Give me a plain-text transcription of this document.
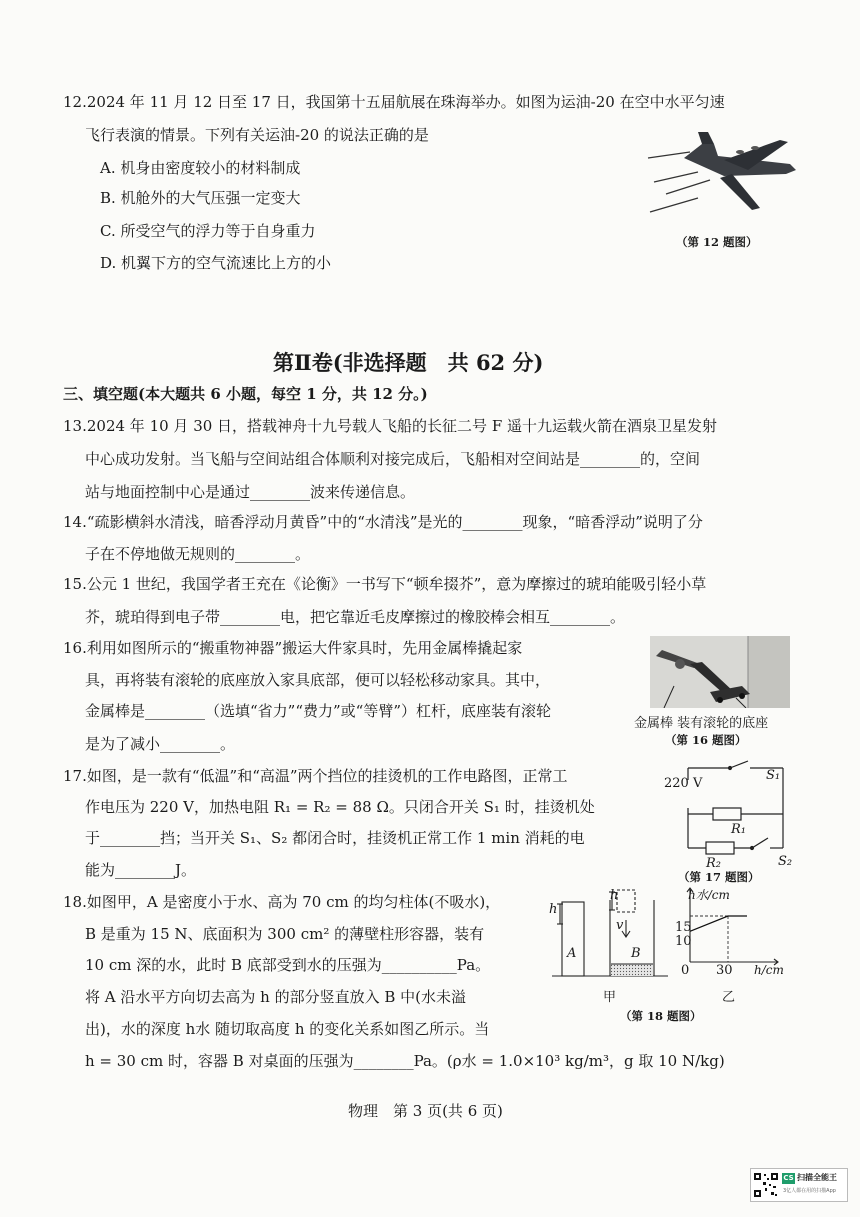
12.2024 年 11 月 12 日至 17 日，我国第十五届航展在珠海举办。如图为运油-20 在空中水平匀速
飞行表演的情景。下列有关运油-20 的说法正确的是
A. 机身由密度较小的材料制成
B. 机舱外的大气压强一定变大
C. 所受空气的浮力等于自身重力
D. 机翼下方的空气流速比上方的小
（第 12 题图）
第Ⅱ卷(非选择题　共 62 分)
三、填空题(本大题共 6 小题，每空 1 分，共 12 分。)
13.2024 年 10 月 30 日，搭载神舟十九号载人飞船的长征二号 F 遥十九运载火箭在酒泉卫星发射
中心成功发射。当飞船与空间站组合体顺利对接完成后，飞船相对空间站是________的，空间
站与地面控制中心是通过________波来传递信息。
14.“疏影横斜水清浅，暗香浮动月黄昏”中的“水清浅”是光的________现象，“暗香浮动”说明了分
子在不停地做无规则的________。
15.公元 1 世纪，我国学者王充在《论衡》一书写下“顿牟掇芥”，意为摩擦过的琥珀能吸引轻小草
芥，琥珀得到电子带________电，把它靠近毛皮摩擦过的橡胶棒会相互________。
16.利用如图所示的“搬重物神器”搬运大件家具时，先用金属棒撬起家
具，再将装有滚轮的底座放入家具底部，便可以轻松移动家具。其中，
金属棒是________（选填“省力”“费力”或“等臂”）杠杆，底座装有滚轮
是为了减小________。
金属棒 装有滚轮的底座
（第 16 题图）
17.如图，是一款有“低温”和“高温”两个挡位的挂烫机的工作电路图，正常工
作电压为 220 V，加热电阻 R₁ = R₂ = 88 Ω。只闭合开关 S₁ 时，挂烫机处
于________挡；当开关 S₁、S₂ 都闭合时，挂烫机正常工作 1 min 消耗的电
能为________J。
220 V
S₁
R₁
R₂	S₂
（第 17 题图）
18.如图甲，A 是密度小于水、高为 70 cm 的均匀柱体(不吸水)，
B 是重为 15 N、底面积为 300 cm² 的薄壁柱形容器，装有
10 cm 深的水，此时 B 底部受到水的压强为__________Pa。
将 A 沿水平方向切去高为 h 的部分竖直放入 B 中(水未溢
出)，水的深度 h水 随切取高度 h 的变化关系如图乙所示。当
h = 30 cm 时，容器 B 对桌面的压强为________Pa。(ρ水 = 1.0×10³ kg/m³，g 取 10 N/kg)
h
h
v
A	B
甲
h水/cm
15
10
0 30 h/cm
乙
（第 18 题图）
物理　第 3 页(共 6 页)
CS 扫描全能王
3亿人都在用的扫描App
